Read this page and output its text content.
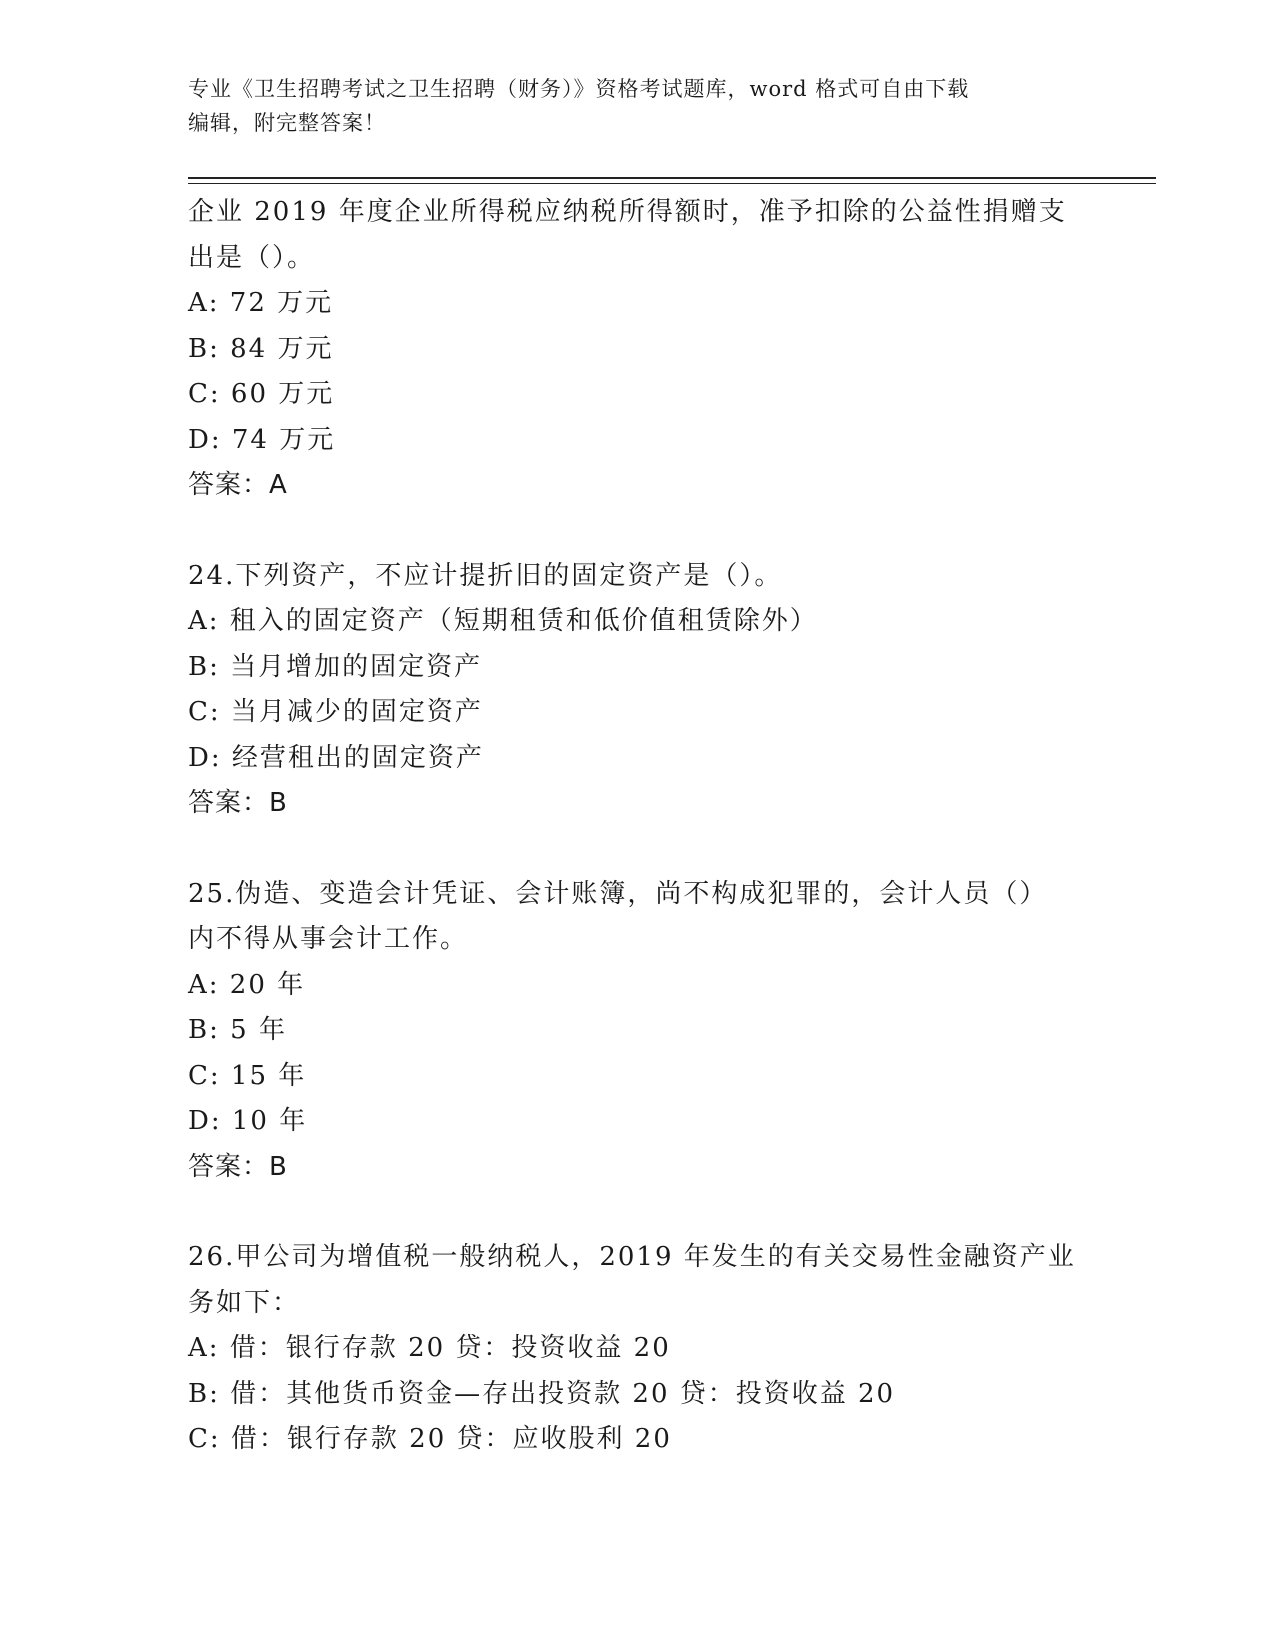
专业《卫生招聘考试之卫生招聘（财务）》资格考试题库，word 格式可自由下载
编辑，附完整答案！
企业 2019 年度企业所得税应纳税所得额时，准予扣除的公益性捐赠支
出是（）。
A: 72 万元
B: 84 万元
C: 60 万元
D: 74 万元
答案：A
24.下列资产，不应计提折旧的固定资产是（）。
A: 租入的固定资产（短期租赁和低价值租赁除外）
B: 当月增加的固定资产
C: 当月减少的固定资产
D: 经营租出的固定资产
答案：B
25.伪造、变造会计凭证、会计账簿，尚不构成犯罪的，会计人员（）
内不得从事会计工作。
A: 20 年
B: 5 年
C: 15 年
D: 10 年
答案：B
26.甲公司为增值税一般纳税人，2019 年发生的有关交易性金融资产业
务如下：
A: 借：银行存款 20 贷：投资收益 20
B: 借：其他货币资金—存出投资款 20 贷：投资收益 20
C: 借：银行存款 20 贷：应收股利 20
